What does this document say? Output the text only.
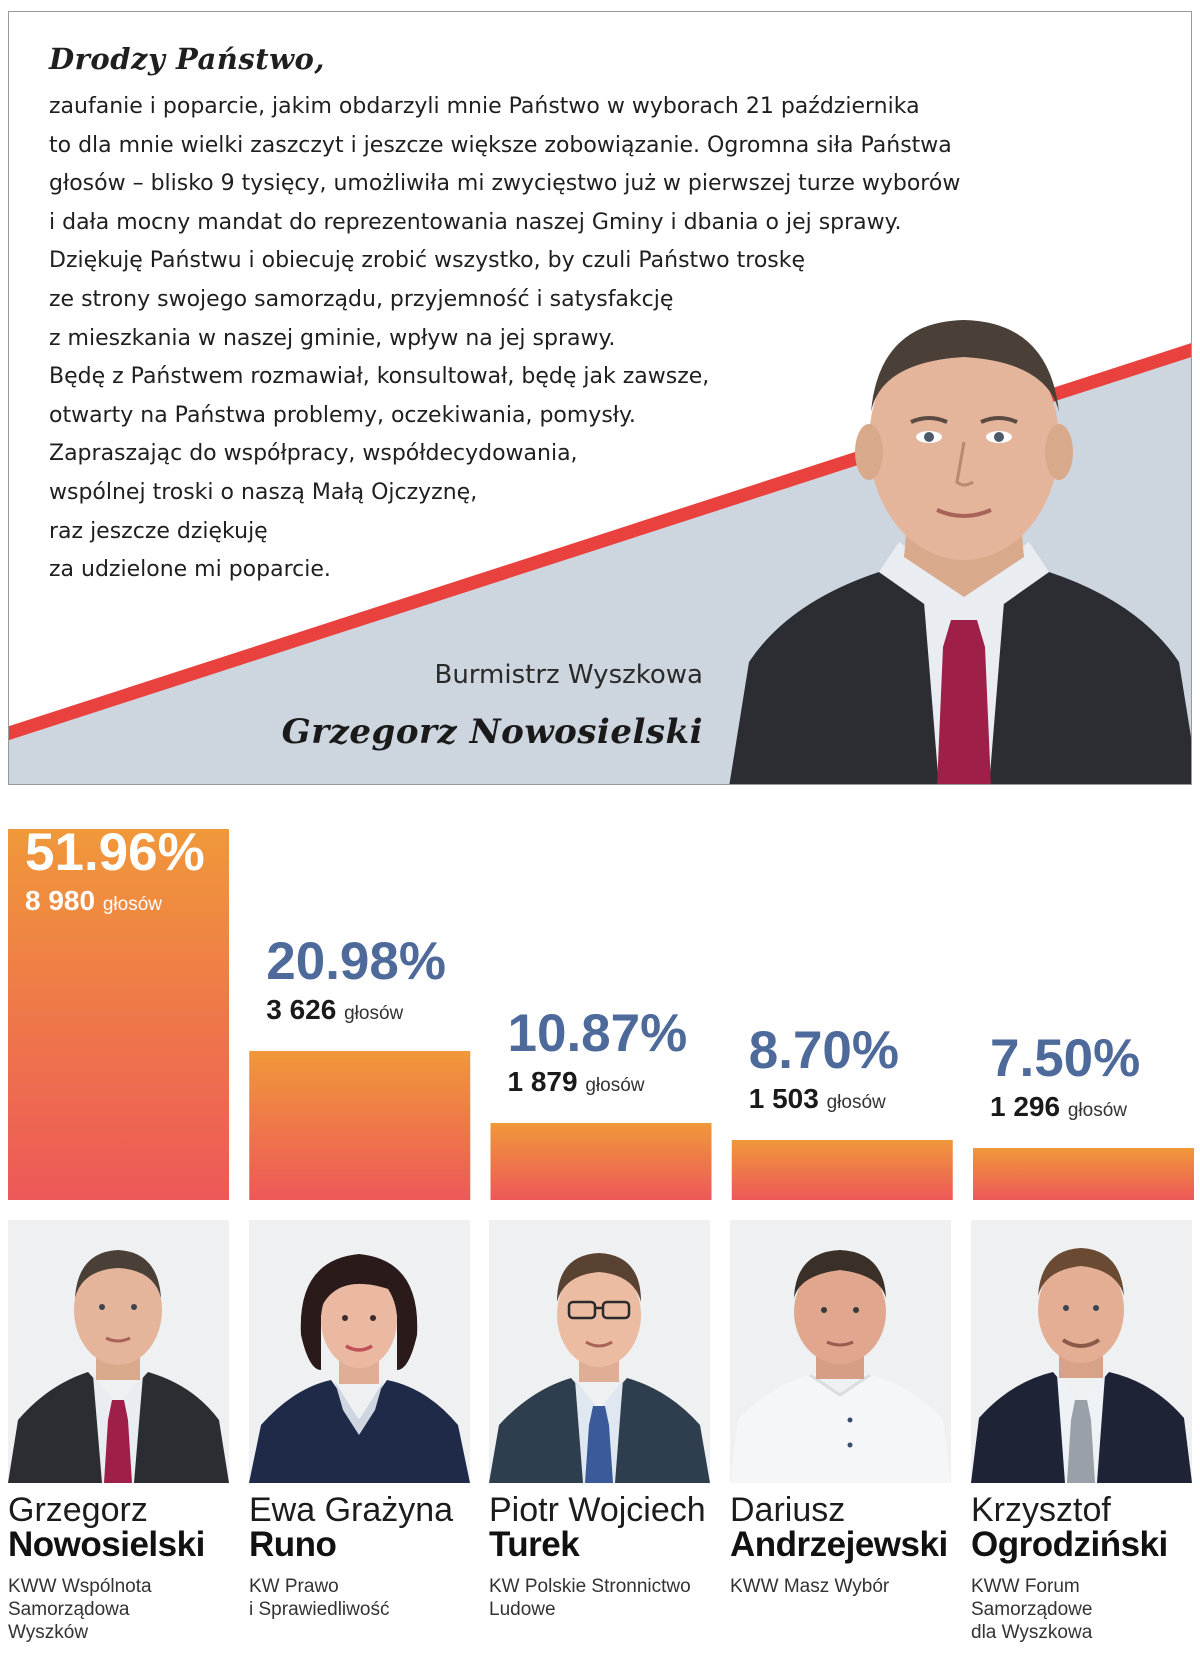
Drodzy Państwo,
zaufanie i poparcie, jakim obdarzyli mnie Państwo w wyborach 21 października
to dla mnie wielki zaszczyt i jeszcze większe zobowiązanie. Ogromna siła Państwa
głosów – blisko 9 tysięcy, umożliwiła mi zwycięstwo już w pierwszej turze wyborów
i dała mocny mandat do reprezentowania naszej Gminy i dbania o jej sprawy.
Dziękuję Państwu i obiecuję zrobić wszystko, by czuli Państwo troskę
ze strony swojego samorządu, przyjemność i satysfakcję
z mieszkania w naszej gminie, wpływ na jej sprawy.
Będę z Państwem rozmawiał, konsultował, będę jak zawsze,
otwarty na Państwa problemy, oczekiwania, pomysły.
Zapraszając do współpracy, współdecydowania,
wspólnej troski o naszą Małą Ojczyznę,
raz jeszcze dziękuję
za udzielone mi poparcie.
Burmistrz Wyszkowa
Grzegorz Nowosielski
51.96%
8 980 głosów
20.98%
3 626 głosów 10.87%
1 879 głosów
8.70%
1 503 głosów
7.50%
1 296 głosów
Grzegorz
Nowosielski
KWW Wspólnota
Samorządowa
Wyszków
Ewa Grażyna
Runo
KW Prawo
i Sprawiedliwość
Piotr Wojciech
Turek
KW Polskie Stronnictwo
Ludowe
Dariusz
Andrzejewski
KWW Masz Wybór
Krzysztof
Ogrodziński
KWW Forum
Samorządowe
dla Wyszkowa
